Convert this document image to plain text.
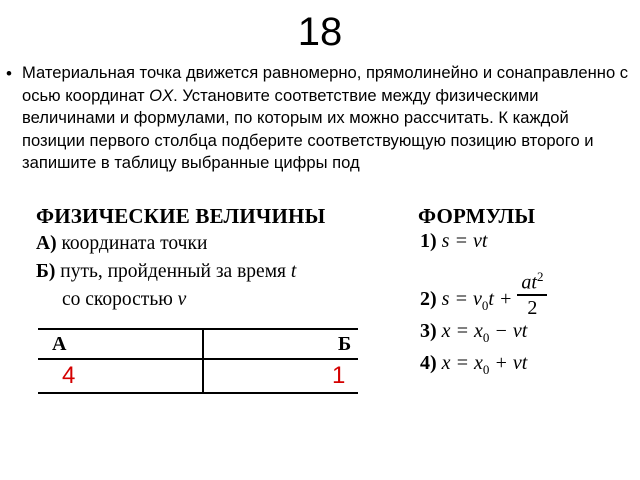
18
• Материальная точка движется равномерно, прямолинейно и сонаправленно с осью координат OX. Установите соответствие между физическими величинами и формулами, по которым их можно рассчитать. К каждой позиции первого столбца подберите соответствующую позицию второго и запишите в таблицу выбранные цифры под
ФИЗИЧЕСКИЕ ВЕЛИЧИНЫ
А) координата точки
Б) путь, пройденный за время t
со скоростью v
ФОРМУЛЫ
1) s = vt
2) $s = v_0t + \frac{at^2}{2}$
3) $x = x_0$ − vt
4) $x = x_0$ + vt
А	Б
4	1
